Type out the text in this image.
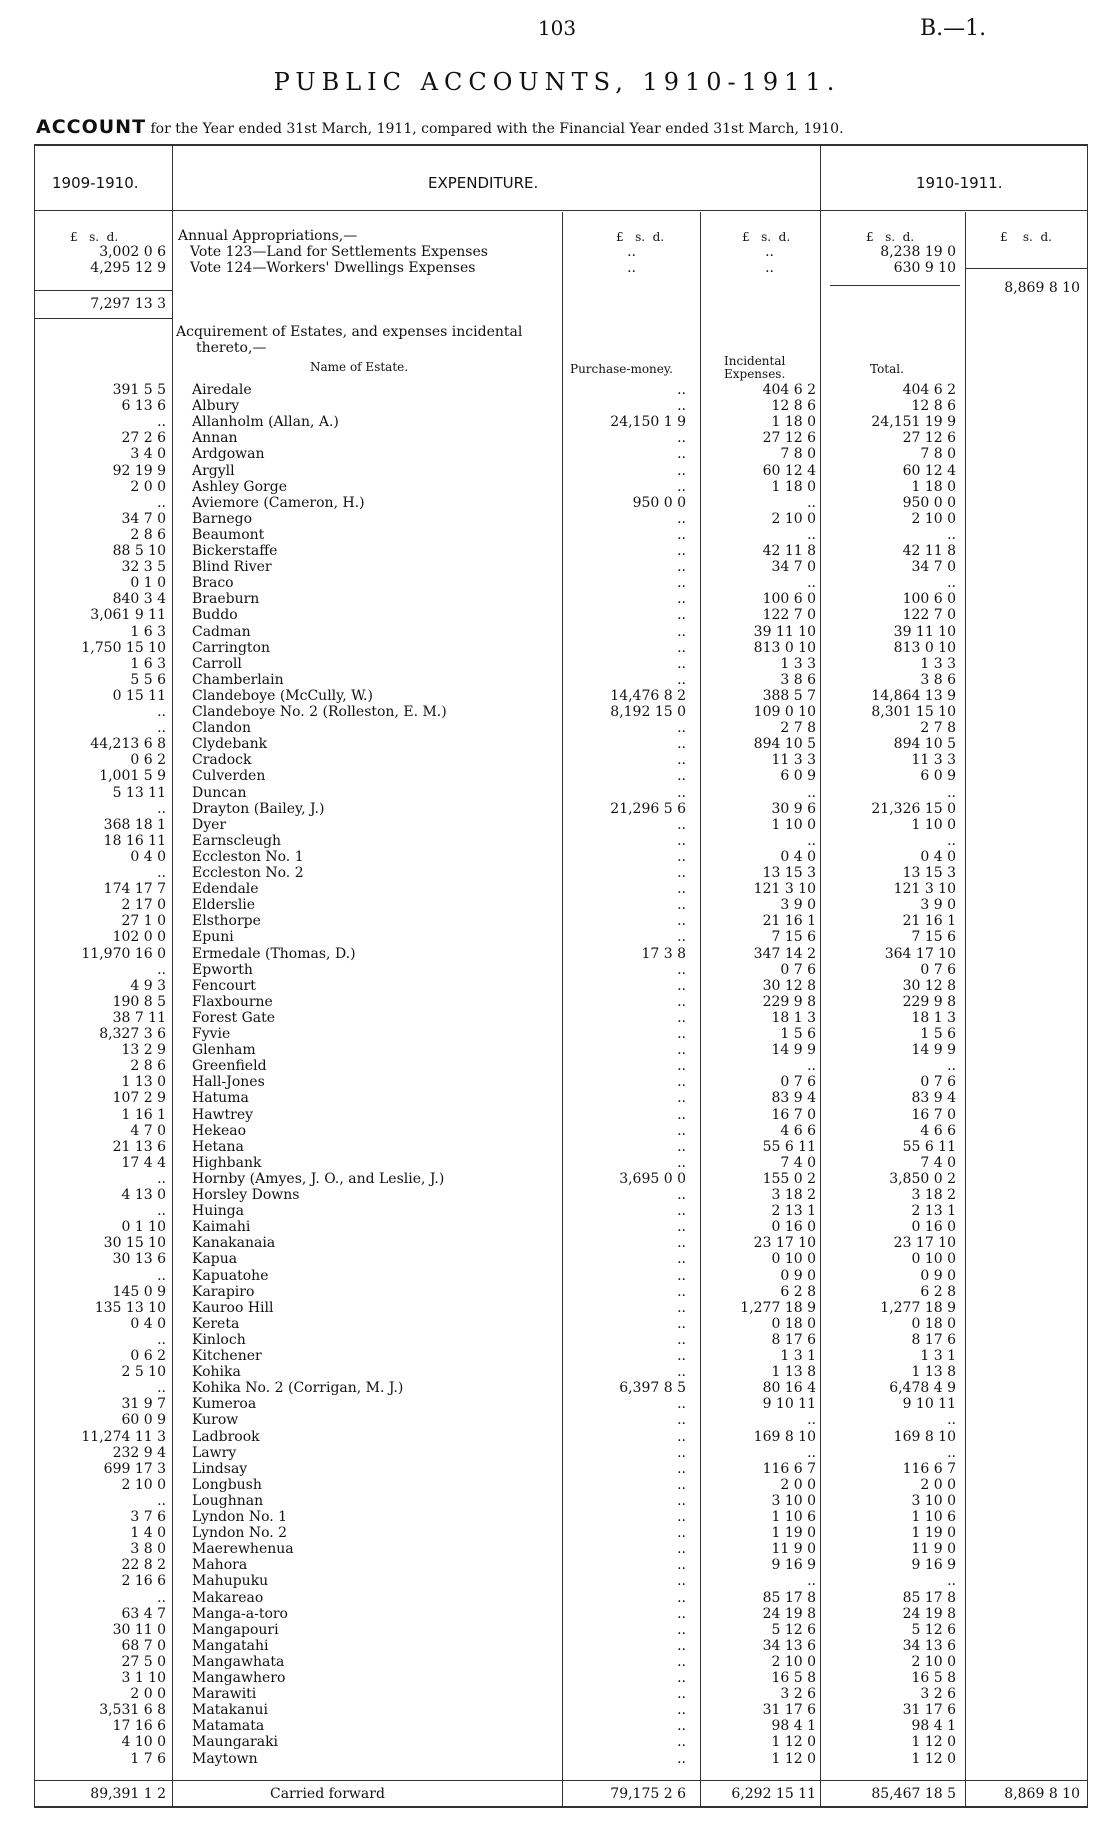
103	B.—1.
PUBLIC ACCOUNTS, 1910-1911.
ACCOUNT for the Year ended 31st March, 1911, compared with the Financial Year ended 31st March, 1910.
1909-1910.	EXPENDITURE.	1910-1911.
£   s.  d.	£   s.  d.	£   s.  d.	£   s.  d.	£    s.  d.
Annual Appropriations,—
7,297 13 3
8,869 8 10
Acquirement of Estates, and expenses incidental
thereto,—
Name of Estate.	Purchase-money.
Incidental
Expenses.	Total.
3,002 0 6 Vote 123—Land for Settlements Expenses	..	..	8,238 19 0
4,295 12 9 Vote 124—Workers' Dwellings Expenses	..	..	630 9 10
391 5 5 Airedale	..	404 6 2	404 6 2
6 13 6 Albury	..	12 8 6	12 8 6
.. Allanholm (Allan, A.)	24,150 1 9	1 18 0	24,151 19 9
27 2 6 Annan	..	27 12 6	27 12 6
3 4 0 Ardgowan	..	7 8 0	7 8 0
92 19 9 Argyll	..	60 12 4	60 12 4
2 0 0 Ashley Gorge	..	1 18 0	1 18 0
.. Aviemore (Cameron, H.)	950 0 0	..	950 0 0
34 7 0 Barnego	..	2 10 0	2 10 0
2 8 6 Beaumont	..	..	..
88 5 10 Bickerstaffe	..	42 11 8	42 11 8
32 3 5 Blind River	..	34 7 0	34 7 0
0 1 0 Braco	..	..	..
840 3 4 Braeburn	..	100 6 0	100 6 0
3,061 9 11 Buddo	..	122 7 0	122 7 0
1 6 3 Cadman	..	39 11 10	39 11 10
1,750 15 10 Carrington	..	813 0 10	813 0 10
1 6 3 Carroll	..	1 3 3	1 3 3
5 5 6 Chamberlain	..	3 8 6	3 8 6
0 15 11 Clandeboye (McCully, W.)	14,476 8 2	388 5 7	14,864 13 9
.. Clandeboye No. 2 (Rolleston, E. M.)	8,192 15 0	109 0 10	8,301 15 10
.. Clandon	..	2 7 8	2 7 8
44,213 6 8 Clydebank	..	894 10 5	894 10 5
0 6 2 Cradock	..	11 3 3	11 3 3
1,001 5 9 Culverden	..	6 0 9	6 0 9
5 13 11 Duncan	..	..	..
.. Drayton (Bailey, J.)	21,296 5 6	30 9 6	21,326 15 0
368 18 1 Dyer	..	1 10 0	1 10 0
18 16 11 Earnscleugh	..	..	..
0 4 0 Eccleston No. 1	..	0 4 0	0 4 0
.. Eccleston No. 2	..	13 15 3	13 15 3
174 17 7 Edendale	..	121 3 10	121 3 10
2 17 0 Elderslie	..	3 9 0	3 9 0
27 1 0 Elsthorpe	..	21 16 1	21 16 1
102 0 0 Epuni	..	7 15 6	7 15 6
11,970 16 0 Ermedale (Thomas, D.)	17 3 8	347 14 2	364 17 10
.. Epworth	..	0 7 6	0 7 6
4 9 3 Fencourt	..	30 12 8	30 12 8
190 8 5 Flaxbourne	..	229 9 8	229 9 8
38 7 11 Forest Gate	..	18 1 3	18 1 3
8,327 3 6 Fyvie	..	1 5 6	1 5 6
13 2 9 Glenham	..	14 9 9	14 9 9
2 8 6 Greenfield	..	..	..
1 13 0 Hall-Jones	..	0 7 6	0 7 6
107 2 9 Hatuma	..	83 9 4	83 9 4
1 16 1 Hawtrey	..	16 7 0	16 7 0
4 7 0 Hekeao	..	4 6 6	4 6 6
21 13 6 Hetana	..	55 6 11	55 6 11
17 4 4 Highbank	..	7 4 0	7 4 0
.. Hornby (Amyes, J. O., and Leslie, J.)	3,695 0 0	155 0 2	3,850 0 2
4 13 0 Horsley Downs	..	3 18 2	3 18 2
.. Huinga	..	2 13 1	2 13 1
0 1 10 Kaimahi	..	0 16 0	0 16 0
30 15 10 Kanakanaia	..	23 17 10	23 17 10
30 13 6 Kapua	..	0 10 0	0 10 0
.. Kapuatohe	..	0 9 0	0 9 0
145 0 9 Karapiro	..	6 2 8	6 2 8
135 13 10 Kauroo Hill	..	1,277 18 9	1,277 18 9
0 4 0 Kereta	..	0 18 0	0 18 0
.. Kinloch	..	8 17 6	8 17 6
0 6 2 Kitchener	..	1 3 1	1 3 1
2 5 10 Kohika	..	1 13 8	1 13 8
.. Kohika No. 2 (Corrigan, M. J.)	6,397 8 5	80 16 4	6,478 4 9
31 9 7 Kumeroa	..	9 10 11	9 10 11
60 0 9 Kurow	..	..	..
11,274 11 3 Ladbrook	..	169 8 10	169 8 10
232 9 4 Lawry	..	..	..
699 17 3 Lindsay	..	116 6 7	116 6 7
2 10 0 Longbush	..	2 0 0	2 0 0
.. Loughnan	..	3 10 0	3 10 0
3 7 6 Lyndon No. 1	..	1 10 6	1 10 6
1 4 0 Lyndon No. 2	..	1 19 0	1 19 0
3 8 0 Maerewhenua	..	11 9 0	11 9 0
22 8 2 Mahora	..	9 16 9	9 16 9
2 16 6 Mahupuku	..	..	..
.. Makareao	..	85 17 8	85 17 8
63 4 7 Manga-a-toro	..	24 19 8	24 19 8
30 11 0 Mangapouri	..	5 12 6	5 12 6
68 7 0 Mangatahi	..	34 13 6	34 13 6
27 5 0 Mangawhata	..	2 10 0	2 10 0
3 1 10 Mangawhero	..	16 5 8	16 5 8
2 0 0 Marawiti	..	3 2 6	3 2 6
3,531 6 8 Matakanui	..	31 17 6	31 17 6
17 16 6 Matamata	..	98 4 1	98 4 1
4 10 0 Maungaraki	..	1 12 0	1 12 0
1 7 6 Maytown	..	1 12 0	1 12 0
89,391 1 2	Carried forward	79,175 2 6	6,292 15 11	85,467 18 5	8,869 8 10
